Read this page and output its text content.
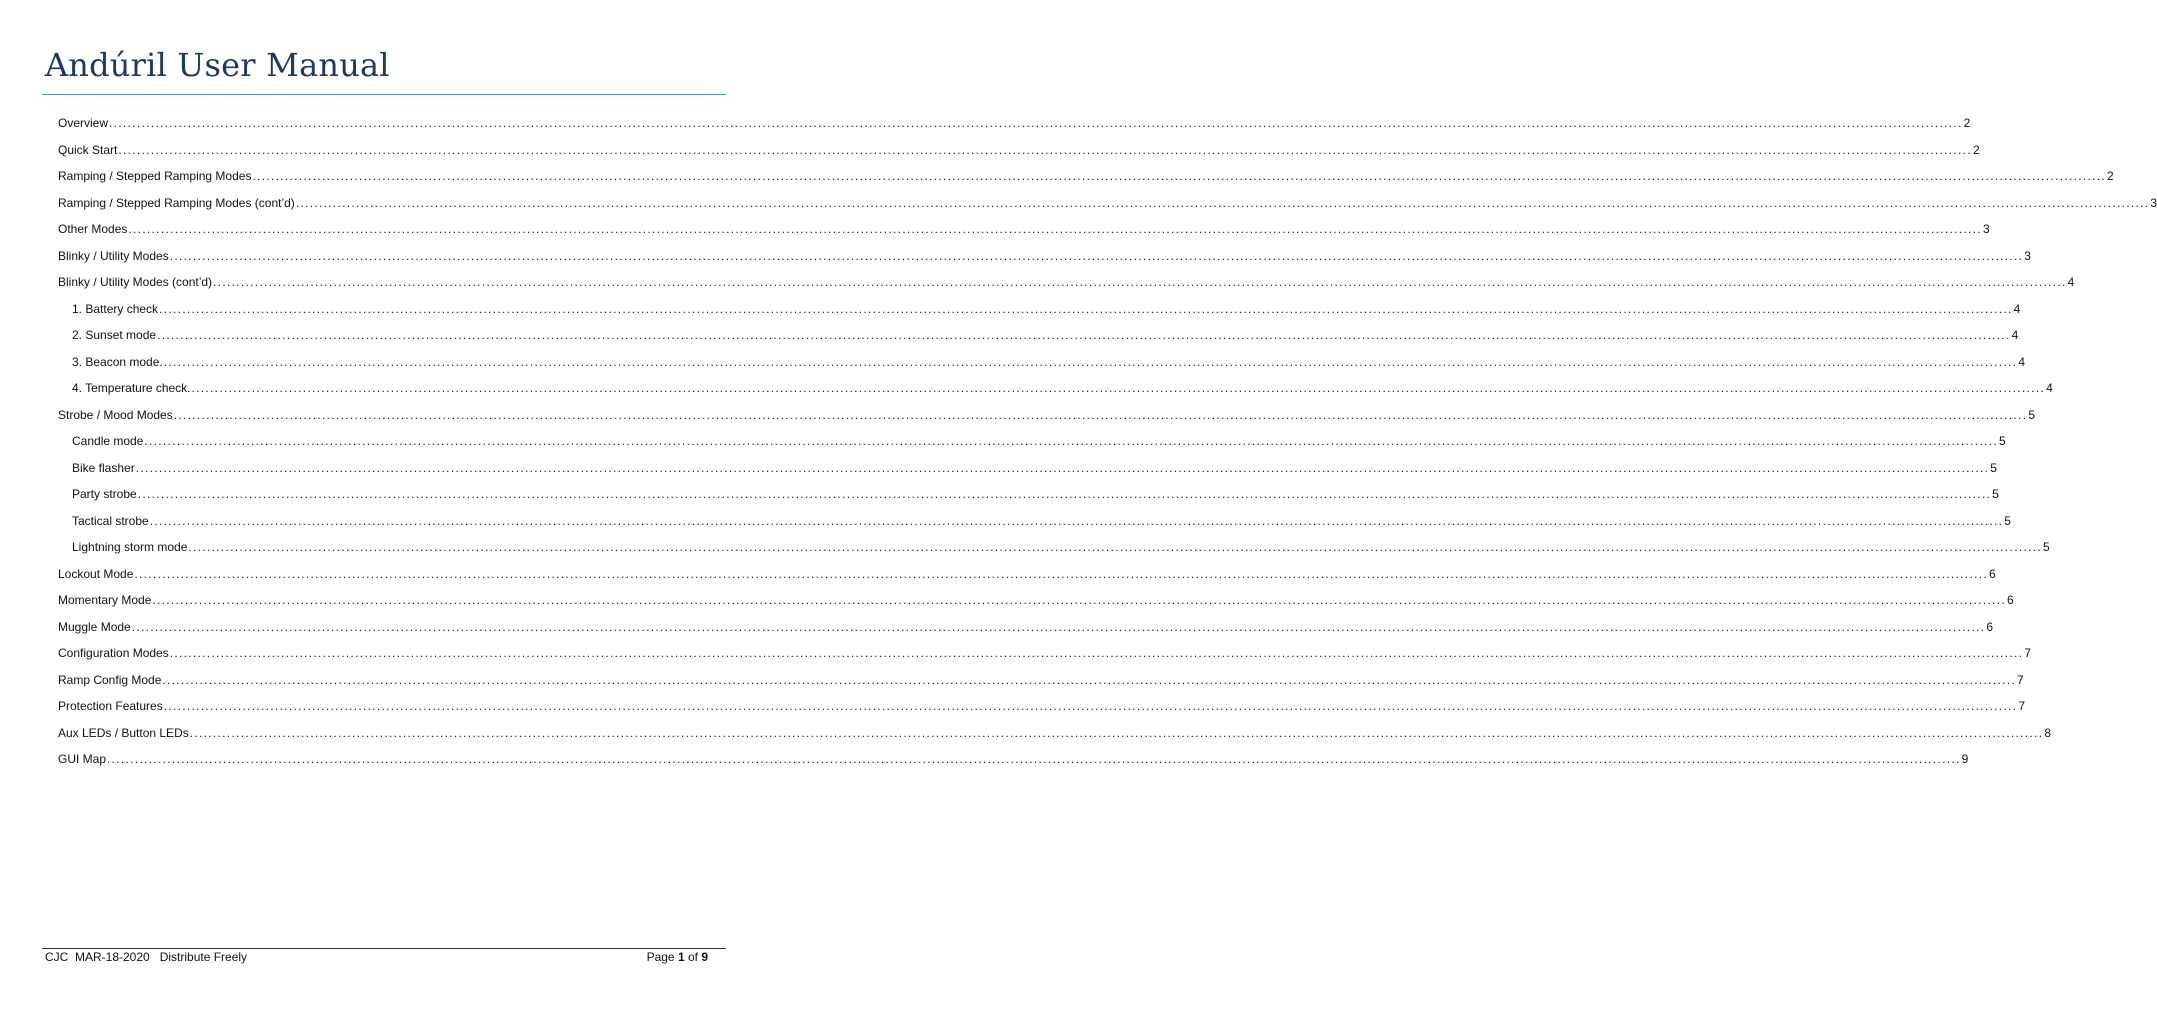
Andúril User Manual
Overview ................................................................................................................................................................................................................................................................................................................................................................................................................ 2
Quick Start ................................................................................................................................................................................................................................................................................................................................................................................................................ 2
Ramping / Stepped Ramping Modes ................................................................................................................................................................................................................................................................................................................................................................................................................ 2
Ramping / Stepped Ramping Modes (cont’d) ................................................................................................................................................................................................................................................................................................................................................................................................................ 3
Other Modes ................................................................................................................................................................................................................................................................................................................................................................................................................ 3
Blinky / Utility Modes ................................................................................................................................................................................................................................................................................................................................................................................................................ 3
Blinky / Utility Modes (cont’d) ................................................................................................................................................................................................................................................................................................................................................................................................................ 4
1. Battery check ................................................................................................................................................................................................................................................................................................................................................................................................................ 4
2. Sunset mode ................................................................................................................................................................................................................................................................................................................................................................................................................ 4
3. Beacon mode. ................................................................................................................................................................................................................................................................................................................................................................................................................ 4
4. Temperature check. ................................................................................................................................................................................................................................................................................................................................................................................................................ 4
Strobe / Mood Modes ................................................................................................................................................................................................................................................................................................................................................................................................................ 5
Candle mode ................................................................................................................................................................................................................................................................................................................................................................................................................ 5
Bike flasher ................................................................................................................................................................................................................................................................................................................................................................................................................ 5
Party strobe ................................................................................................................................................................................................................................................................................................................................................................................................................ 5
Tactical strobe ................................................................................................................................................................................................................................................................................................................................................................................................................ 5
Lightning storm mode ................................................................................................................................................................................................................................................................................................................................................................................................................ 5
Lockout Mode ................................................................................................................................................................................................................................................................................................................................................................................................................ 6
Momentary Mode ................................................................................................................................................................................................................................................................................................................................................................................................................ 6
Muggle Mode ................................................................................................................................................................................................................................................................................................................................................................................................................ 6
Configuration Modes ................................................................................................................................................................................................................................................................................................................................................................................................................ 7
Ramp Config Mode ................................................................................................................................................................................................................................................................................................................................................................................................................ 7
Protection Features ................................................................................................................................................................................................................................................................................................................................................................................................................ 7
Aux LEDs / Button LEDs ................................................................................................................................................................................................................................................................................................................................................................................................................ 8
GUI Map ................................................................................................................................................................................................................................................................................................................................................................................................................ 9
CJC  MAR-18-2020   Distribute Freely	Page 1 of 9
